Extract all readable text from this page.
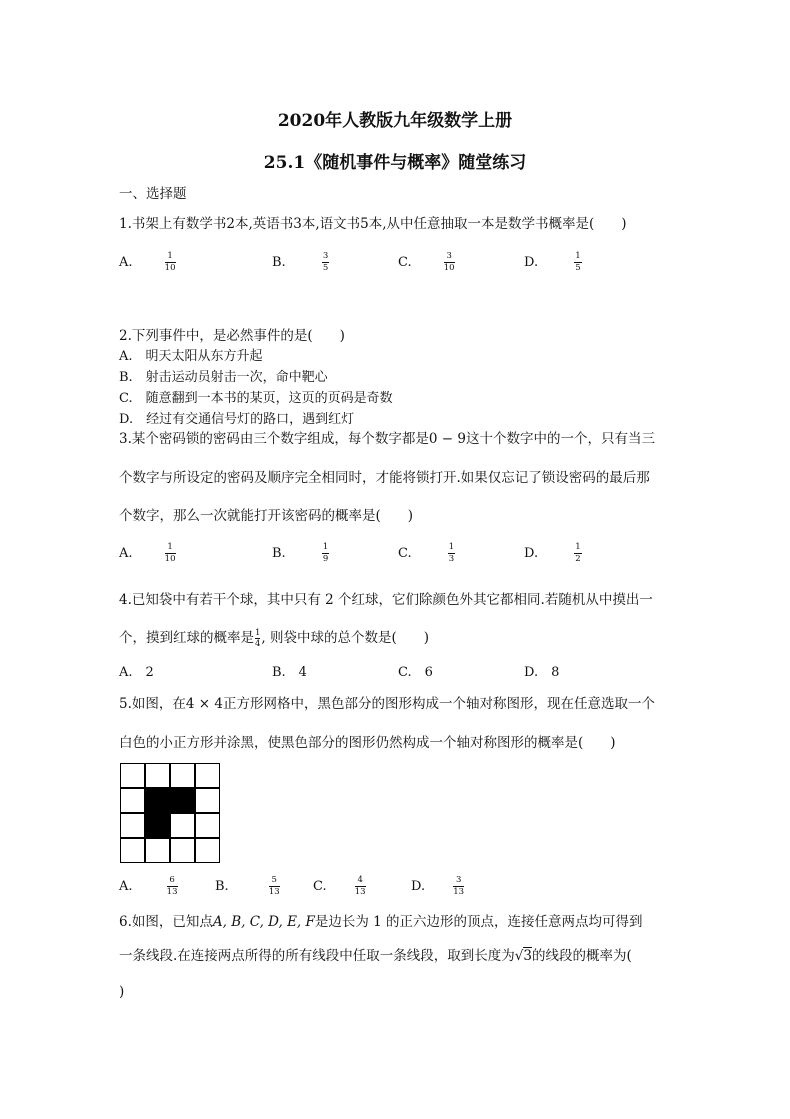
2020年人教版九年级数学上册
25.1《随机事件与概率》随堂练习
一、选择题
1.书架上有数学书2本,英语书3本,语文书5本,从中任意抽取一本是数学书概率是(　　)
A.	$\frac{1}{10}$	B.	$\frac{3}{5}$	C.	$\frac{3}{10}$	D.	$\frac{1}{5}$
2.下列事件中，是必然事件的是(　　)
A.　明天太阳从东方升起
B.　射击运动员射击一次，命中靶心
C.　随意翻到一本书的某页，这页的页码是奇数
D.　经过有交通信号灯的路口，遇到红灯
3.某个密码锁的密码由三个数字组成，每个数字都是0 − 9这十个数字中的一个，只有当三
个数字与所设定的密码及顺序完全相同时，才能将锁打开.如果仅忘记了锁设密码的最后那
个数字，那么一次就能打开该密码的概率是(　　)
A.	$\frac{1}{10}$	B.	$\frac{1}{9}$	C.	$\frac{1}{3}$	D.	$\frac{1}{2}$
4.已知袋中有若干个球，其中只有 2 个红球，它们除颜色外其它都相同.若随机从中摸出一
个，摸到红球的概率是 $\frac{1}{4}$ , 则袋中球的总个数是(　　)
A.　2	B.　4	C.　6	D.　8
5.如图，在4 × 4正方形网格中，黑色部分的图形构成一个轴对称图形，现在任意选取一个
白色的小正方形并涂黑，使黑色部分的图形仍然构成一个轴对称图形的概率是(　　)
A.	$\frac{6}{13}$	B.	$\frac{5}{13}$	C.	$\frac{4}{13}$	D.	$\frac{3}{13}$
6.如图，已知点A, B, C, D, E, F是边长为 1 的正六边形的顶点，连接任意两点均可得到
一条线段.在连接两点所得的所有线段中任取一条线段，取到长度为√3的线段的概率为(
)
